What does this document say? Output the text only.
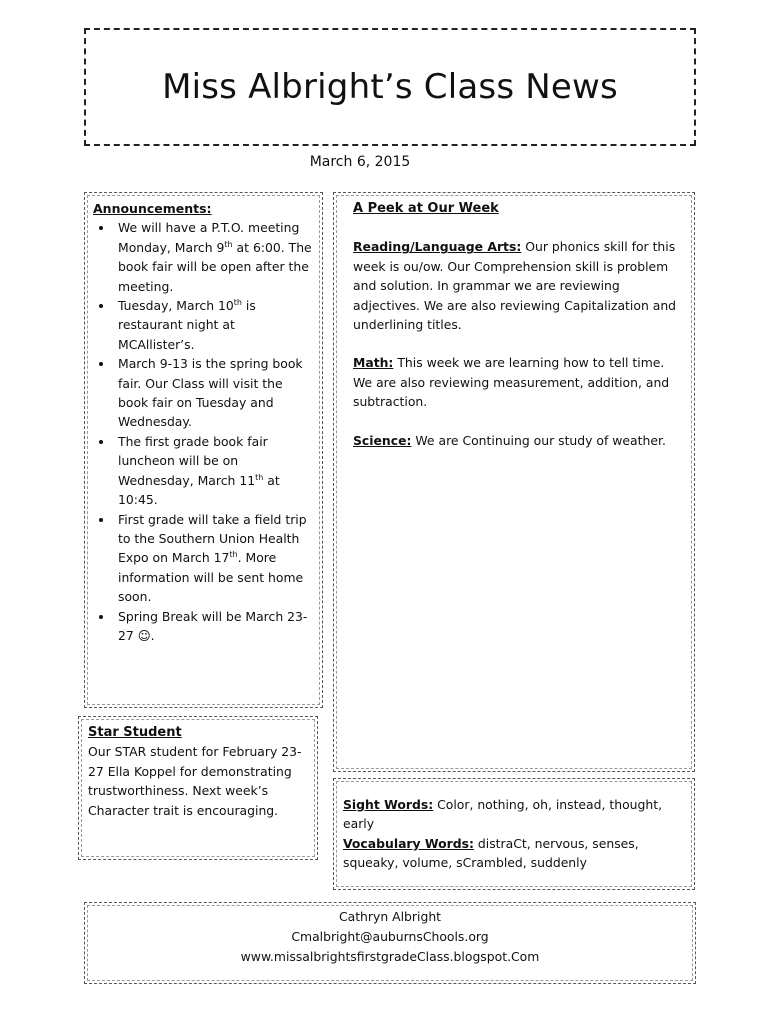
Miss Albright’s Class News
March 6, 2015
Announcements:
• We will have a P.T.O. meeting Monday, March 9th at 6:00. The book fair will be open after the meeting.
• Tuesday, March 10th is restaurant night at MCAllister’s.
• March 9-13 is the spring book fair. Our Class will visit the book fair on Tuesday and Wednesday.
• The first grade book fair luncheon will be on Wednesday, March 11th at 10:45.
• First grade will take a field trip to the Southern Union Health Expo on March 17th. More information will be sent home soon.
• Spring Break will be March 23-27 ☺.
A Peek at Our Week

Reading/Language Arts: Our phonics skill for this week is ou/ow. Our Comprehension skill is problem and solution. In grammar we are reviewing adjectives. We are also reviewing Capitalization and underlining titles.

Math: This week we are learning how to tell time. We are also reviewing measurement, addition, and subtraction.

Science: We are Continuing our study of weather.

Star Student
Our STAR student for February 23-27 Ella Koppel for demonstrating trustworthiness. Next week’s Character trait is encouraging.	Sight Words: Color, nothing, oh, instead, thought, early
Vocabulary Words: distraCt, nervous, senses, squeaky, volume, sCrambled, suddenly
Cathryn Albright
Cmalbright@auburnsChools.org
www.missalbrightsfirstgradeClass.blogspot.Com
